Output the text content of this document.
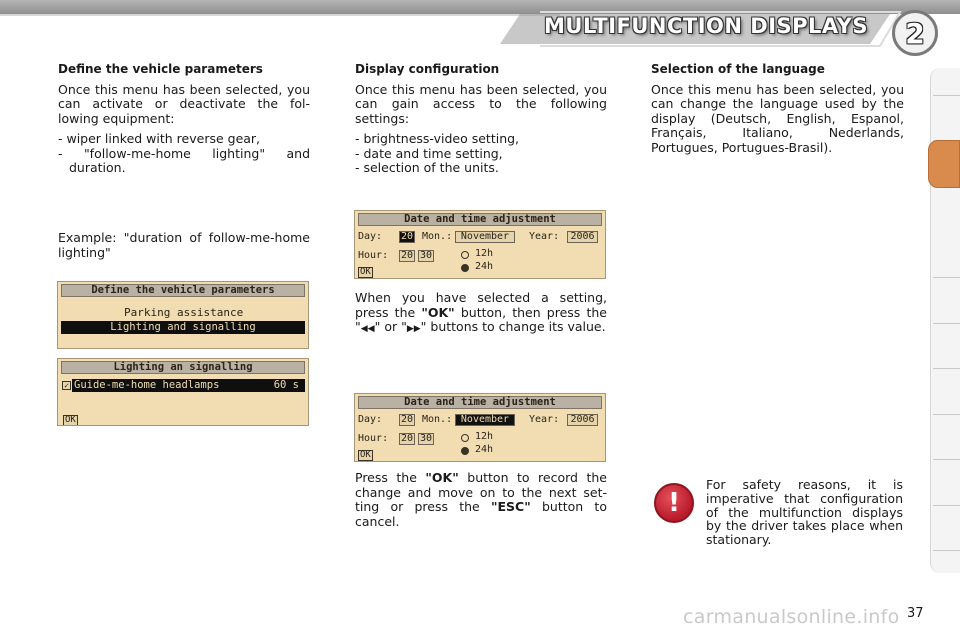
MULTIFUNCTION DISPLAYS	2
Define the vehicle parameters
Once this menu has been selected, you can activate or deactivate the fol-lowing equipment:
- wiper linked with reverse gear,
- "follow-me-home lighting" and duration.
Example: "duration of follow-me-home lighting"
Define the vehicle parameters
Parking assistance
Lighting and signalling
Lighting an signalling
Guide-me-home headlamps	60 s
✓
OK
Display configuration
Once this menu has been selected, you can gain access to the following settings:
- brightness-video setting,
- date and time setting,
- selection of the units.
Date and time adjustment
Day: 20 Mon.: November	Year:	2006
Hour: 20 30	12h
24h
OK
When you have selected a setting, press the "OK" button, then press the "◀◀" or "▶▶" buttons to change its value.
Date and time adjustment
Day: 20 Mon.: November	Year:	2006
Hour: 20 30	12h
24h
OK
Press the "OK" button to record the change and move on to the next set-ting or press the "ESC" button to cancel.
Selection of the language
Once this menu has been selected, you can change the language used by the display (Deutsch, English, Espanol, Français, Italiano, Nederlands, Portugues, Portugues-Brasil).
!
For safety reasons, it is imperative that configuration of the multifunction displays by the driver takes place when stationary.
carmanualsonline.info 37
